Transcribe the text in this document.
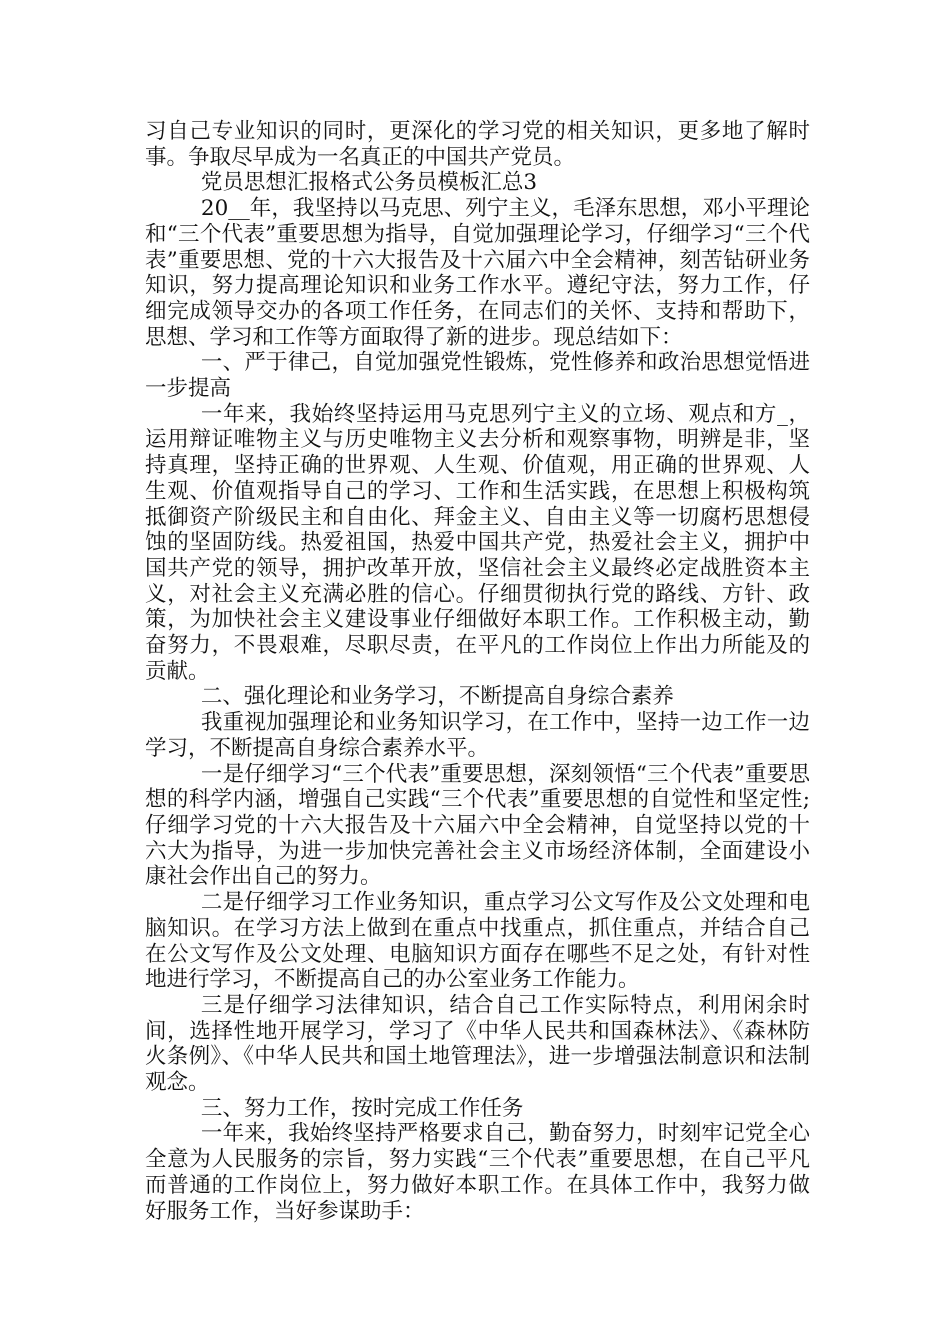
习自己专业知识的同时，更深化的学习党的相关知识，更多地了解时事。争取尽早成为一名真正的中国共产党员。

党员思想汇报格式公务员模板汇总3

20__年，我坚持以马克思、列宁主义，毛泽东思想，邓小平理论和“三个代表”重要思想为指导，自觉加强理论学习，仔细学习“三个代表”重要思想、党的十六大报告及十六届六中全会精神，刻苦钻研业务知识，努力提高理论知识和业务工作水平。遵纪守法，努力工作，仔细完成领导交办的各项工作任务，在同志们的关怀、支持和帮助下，思想、学习和工作等方面取得了新的进步。现总结如下：

一、严于律己，自觉加强党性锻炼，党性修养和政治思想觉悟进一步提高

一年来，我始终坚持运用马克思列宁主义的立场、观点和方_，运用辩证唯物主义与历史唯物主义去分析和观察事物，明辨是非，坚持真理，坚持正确的世界观、人生观、价值观，用正确的世界观、人生观、价值观指导自己的学习、工作和生活实践，在思想上积极构筑抵御资产阶级民主和自由化、拜金主义、自由主义等一切腐朽思想侵蚀的坚固防线。热爱祖国，热爱中国共产党，热爱社会主义，拥护中国共产党的领导，拥护改革开放，坚信社会主义最终必定战胜资本主义，对社会主义充满必胜的信心。仔细贯彻执行党的路线、方针、政策，为加快社会主义建设事业仔细做好本职工作。工作积极主动，勤奋努力，不畏艰难，尽职尽责，在平凡的工作岗位上作出力所能及的贡献。

二、强化理论和业务学习，不断提高自身综合素养

我重视加强理论和业务知识学习，在工作中，坚持一边工作一边学习，不断提高自身综合素养水平。

一是仔细学习“三个代表”重要思想，深刻领悟“三个代表”重要思想的科学内涵，增强自己实践“三个代表”重要思想的自觉性和坚定性;仔细学习党的十六大报告及十六届六中全会精神，自觉坚持以党的十六大为指导，为进一步加快完善社会主义市场经济体制，全面建设小康社会作出自己的努力。

二是仔细学习工作业务知识，重点学习公文写作及公文处理和电脑知识。在学习方法上做到在重点中找重点，抓住重点，并结合自己在公文写作及公文处理、电脑知识方面存在哪些不足之处，有针对性地进行学习，不断提高自己的办公室业务工作能力。

三是仔细学习法律知识，结合自己工作实际特点，利用闲余时间，选择性地开展学习，学习了《中华人民共和国森林法》、《森林防火条例》、《中华人民共和国土地管理法》，进一步增强法制意识和法制观念。

三、努力工作，按时完成工作任务

一年来，我始终坚持严格要求自己，勤奋努力，时刻牢记党全心全意为人民服务的宗旨，努力实践“三个代表”重要思想，在自己平凡而普通的工作岗位上，努力做好本职工作。在具体工作中，我努力做好服务工作，当好参谋助手：
